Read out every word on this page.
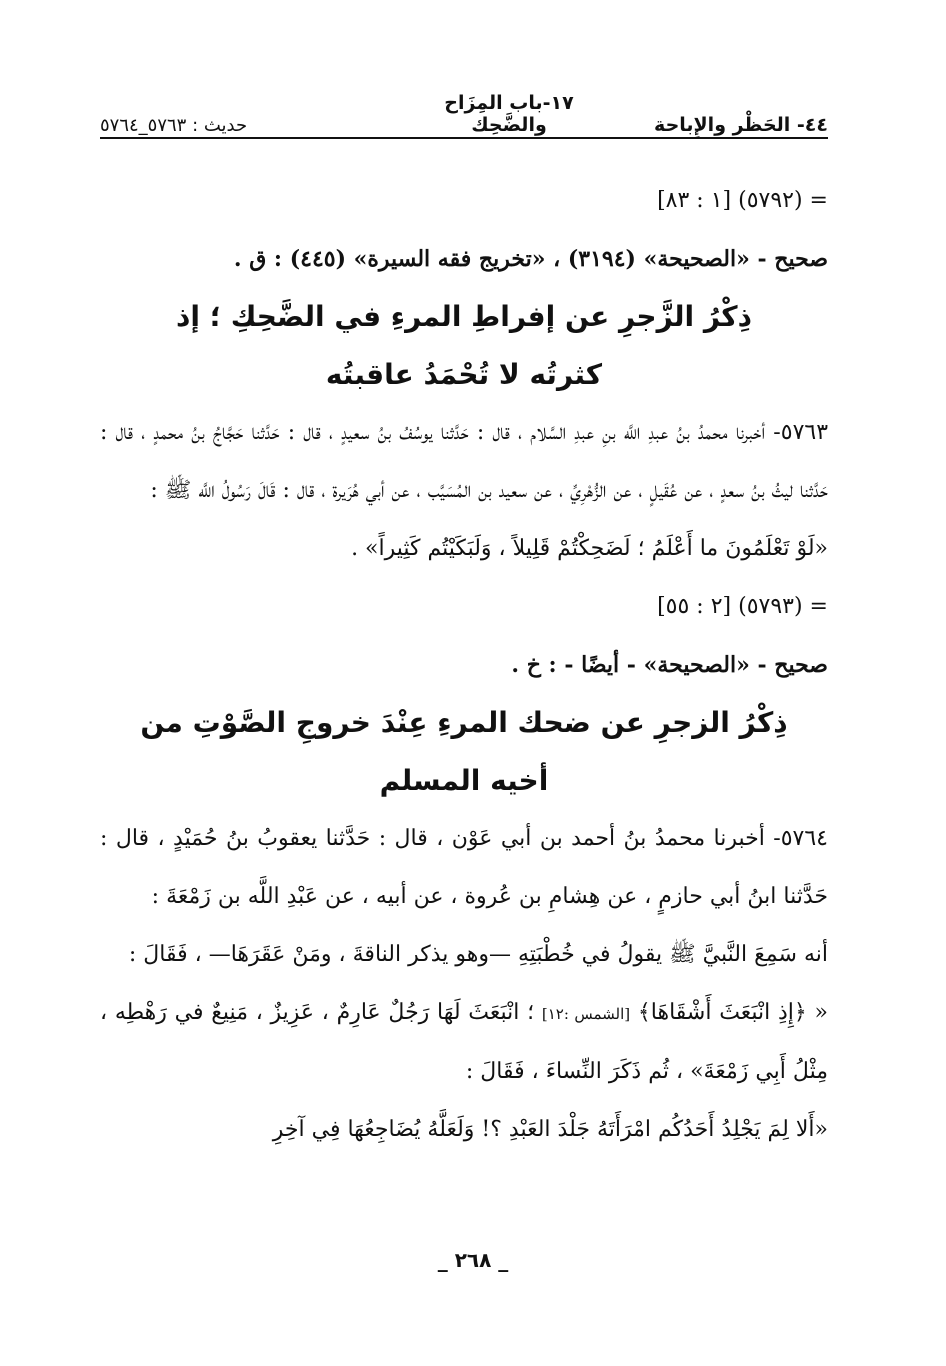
٤٤- الحَظْر والإِباحة
١٧-باب المِزَاح والضَّحِك
حديث : ٥٧٦٣_٥٧٦٤

= (٥٧٩٢) [١ : ٨٣]

صحيح - «الصحيحة» (٣١٩٤) ، «تخريج فقه السيرة» (٤٤٥) : ق .

ذِكْرُ الزَّجرِ عن إفراطِ المرءِ في الضَّحِكِ ؛ إذ كثرتُه لا تُحْمَدُ عاقبتُه

٥٧٦٣- أخبرنا محمدُ بنُ عبدِ اللَّه بنِ عبدِ السَّلام ، قال : حَدَّثنا يوسُفُ بنُ سعيدٍ ، قال : حَدَّثنا حَجَّاجُ بنُ محمدٍ ، قال : حَدَّثنا ليثُ بنُ سعدٍ ، عن عُقَيلٍ ، عن الزُّهْرِيِّ ، عن سعيد بن المُسَيَّب ، عن أبي هُرَيرة ، قال : قَالَ رَسُولُ اللَّه ﷺ :

«لَوْ تَعْلَمُونَ ما أَعْلَمُ ؛ لَضَحِكْتُمْ قَلِيلاً ، وَلَبَكَيْتُم كَثِيراً» .

= (٥٧٩٣) [٢ : ٥٥]

صحيح - «الصحيحة» - أيضًا - : خ .

ذِكْرُ الزجرِ عن ضحك المرءِ عِنْدَ خروجِ الصَّوْتِ من أخيه المسلم

٥٧٦٤- أخبرنا محمدُ بنُ أحمد بن أبي عَوْن ، قال : حَدَّثنا يعقوبُ بنُ حُمَيْدٍ ، قال : حَدَّثنا ابنُ أبي حازمٍ ، عن هِشامِ بن عُروة ، عن أبيه ، عن عَبْدِ اللَّه بن زَمْعَةَ :

أنه سَمِعَ النَّبيَّ ﷺ يقولُ في خُطْبَتِهِ —وهو يذكر الناقةَ ، ومَنْ عَقَرَهَا— ، فَقَالَ :

« ﴿إِذِ انْبَعَثَ أَشْقَاهَا﴾ [الشمس :١٢] ؛ انْبَعَثَ لَهَا رَجُلٌ عَارِمٌ ، عَزِيزٌ ، مَنِيعٌ في رَهْطِه ، مِثْلُ أَبِي زَمْعَةَ» ، ثُم ذَكَرَ النِّساءَ ، فَقَالَ :

«أَلا لِمَ يَجْلِدُ أَحَدُكُم امْرَأَتَهُ جَلْدَ العَبْدِ ؟! وَلَعَلَّهُ يُضَاجِعُهَا فِي آخِرِ

_ ٢٦٨ _
